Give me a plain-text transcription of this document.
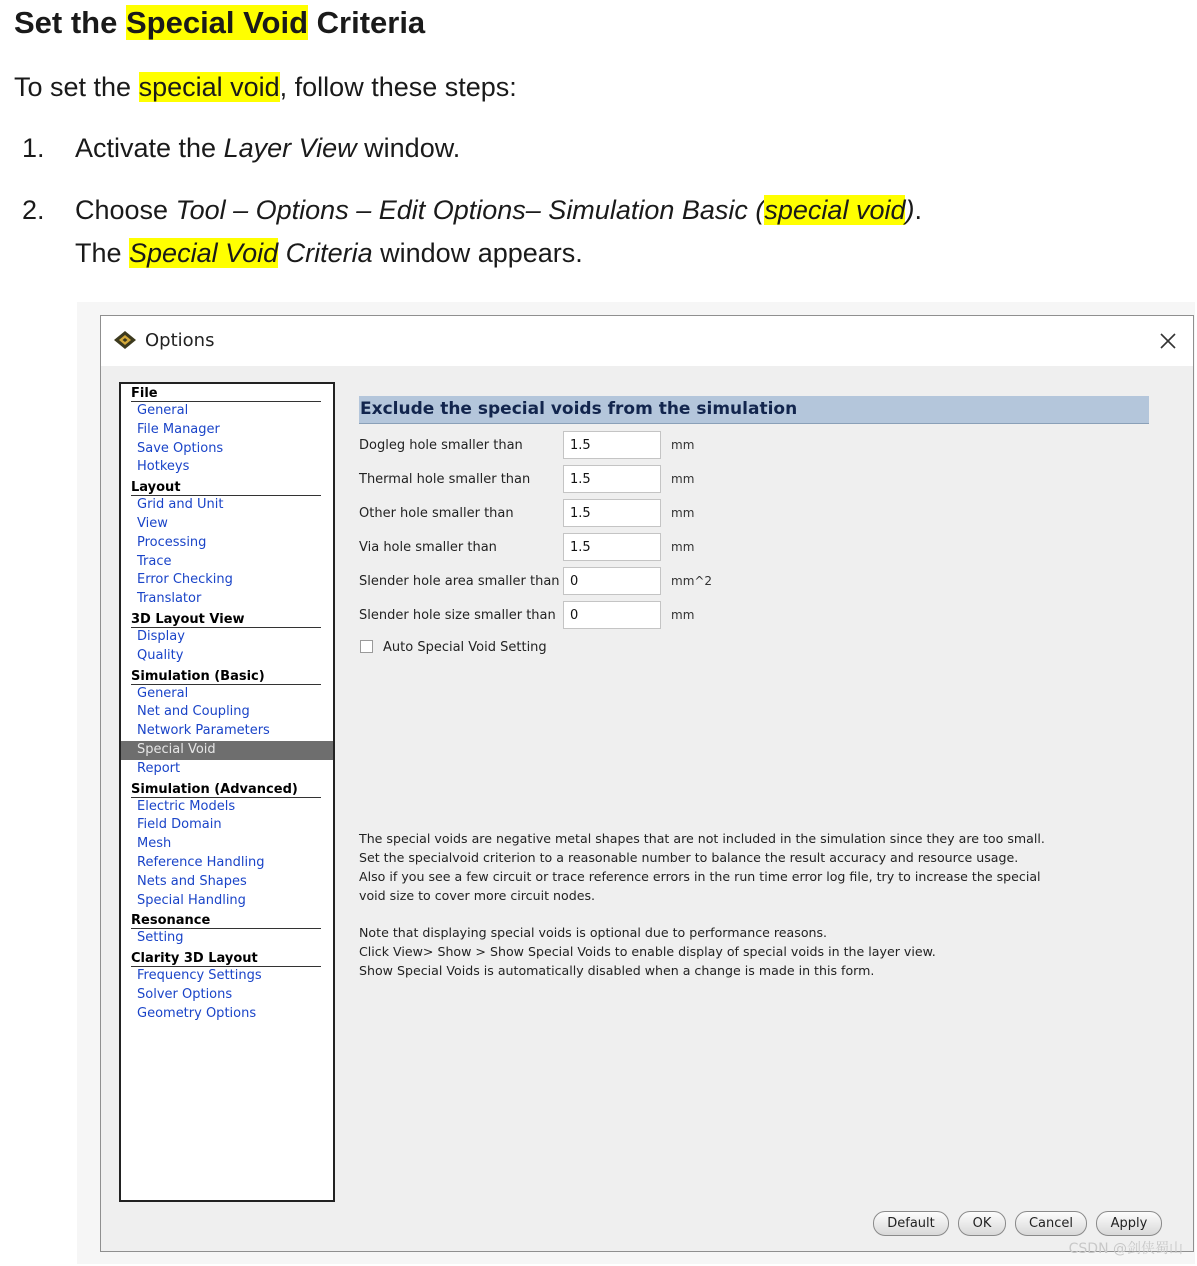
Set the Special Void Criteria

To set the special void, follow these steps:

1. Activate the Layer View window.
2. Choose Tool – Options – Edit Options– Simulation Basic (special void).
The Special Void Criteria window appears.
Options
File
General
File Manager
Save Options
Hotkeys
Layout
Grid and Unit
View
Processing
Trace
Error Checking
Translator
3D Layout View
Display
Quality
Simulation (Basic)
General
Net and Coupling
Network Parameters
Special Void
Report
Simulation (Advanced)
Electric Models
Field Domain
Mesh
Reference Handling
Nets and Shapes
Special Handling
Resonance
Setting
Clarity 3D Layout
Frequency Settings
Solver Options
Geometry Options
Exclude the special voids from the simulation
Dogleg hole smaller than
1.5	mm
Thermal hole smaller than
1.5	mm
Other hole smaller than
1.5	mm
Via hole smaller than
1.5	mm
Slender hole area smaller than
0	mm^2
Slender hole size smaller than
0	mm
Auto Special Void Setting
The special voids are negative metal shapes that are not included in the simulation since they are too small.
Set the specialvoid criterion to a reasonable number to balance the result accuracy and resource usage.
Also if you see a few circuit or trace reference errors in the run time error log file, try to increase the special
void size to cover more circuit nodes.
Note that displaying special voids is optional due to performance reasons.
Click View> Show > Show Special Voids to enable display of special voids in the layer view.
Show Special Voids is automatically disabled when a change is made in this form.
Default	OK	Cancel	Apply
CSDN @剑侠蜀山
